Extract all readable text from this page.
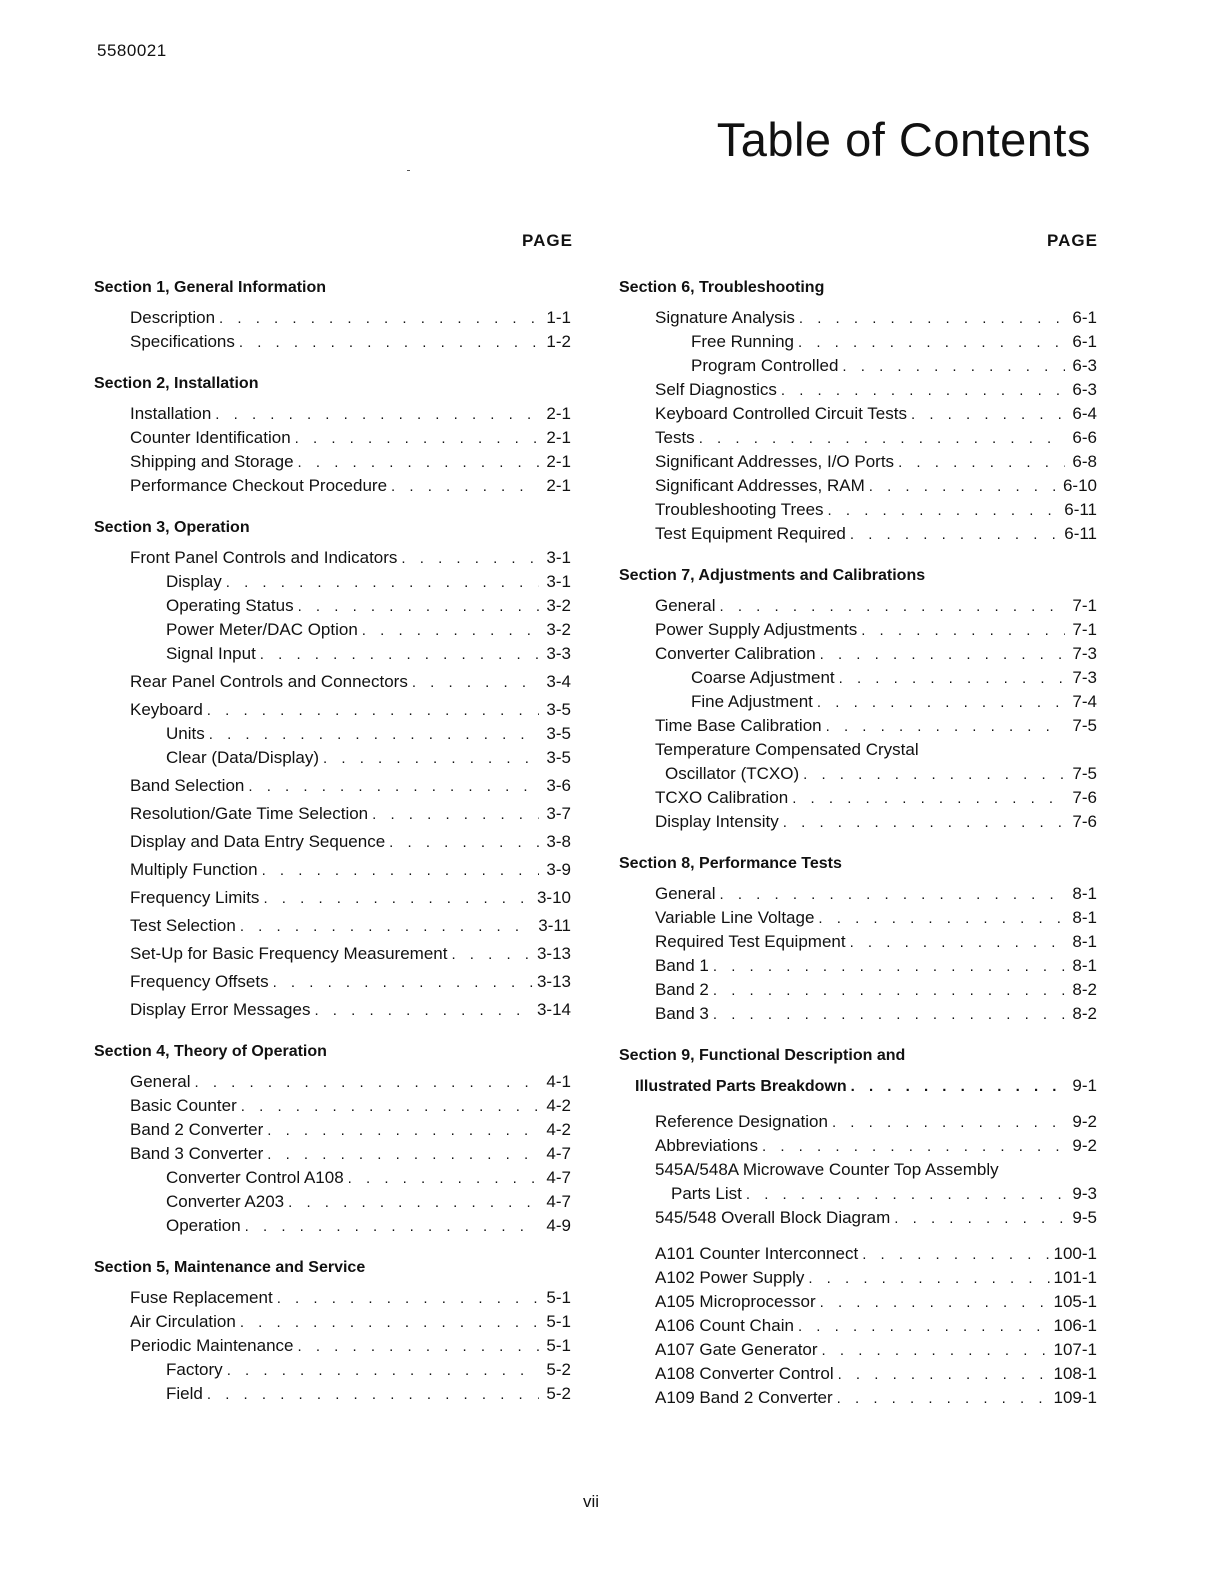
5580021
Table of Contents
PAGE	PAGE
Section 1, General Information
Description . . .	1-1
Specifications . . .	1-2
Section 2, Installation
Installation . . .	2-1
Counter Identification . . .	2-1
Shipping and Storage . . .	2-1
Performance Checkout Procedure . . .	2-1
Section 3, Operation
Front Panel Controls and Indicators . . .	3-1
Display . . .	3-1
Operating Status . . .	3-2
Power Meter/DAC Option . . .	3-2
Signal Input . . .	3-3
Rear Panel Controls and Connectors . . .	3-4
Keyboard . . .	3-5
Units . . .	3-5
Clear (Data/Display) . . .	3-5
Band Selection . . .	3-6
Resolution/Gate Time Selection . . .	3-7
Display and Data Entry Sequence . . .	3-8
Multiply Function . . .	3-9
Frequency Limits . . .	3-10
Test Selection . . .	3-11
Set-Up for Basic Frequency Measurement . . .	3-13
Frequency Offsets . . .	3-13
Display Error Messages . . .	3-14
Section 4, Theory of Operation
General . . .	4-1
Basic Counter . . .	4-2
Band 2 Converter . . .	4-2
Band 3 Converter . . .	4-7
Converter Control A108 . . .	4-7
Converter A203 . . .	4-7
Operation . . .	4-9
Section 5, Maintenance and Service
Fuse Replacement . . .	5-1
Air Circulation . . .	5-1
Periodic Maintenance . . .	5-1
Factory . . .	5-2
Field . . .	5-2
Section 6, Troubleshooting
Signature Analysis . . .	6-1
Free Running . . .	6-1
Program Controlled . . .	6-3
Self Diagnostics . . .	6-3
Keyboard Controlled Circuit Tests . . .	6-4
Tests . . .	6-6
Significant Addresses, I/O Ports . . .	6-8
Significant Addresses, RAM . . .	6-10
Troubleshooting Trees . . .	6-11
Test Equipment Required . . .	6-11
Section 7, Adjustments and Calibrations
General . . .	7-1
Power Supply Adjustments . . .	7-1
Converter Calibration . . .	7-3
Coarse Adjustment . . .	7-3
Fine Adjustment . . .	7-4
Time Base Calibration . . .	7-5
Temperature Compensated Crystal
Oscillator (TCXO) . . .	7-5
TCXO Calibration . . .	7-6
Display Intensity . . .	7-6
Section 8, Performance Tests
General . . .	8-1
Variable Line Voltage . . .	8-1
Required Test Equipment . . .	8-1
Band 1 . . .	8-1
Band 2 . . .	8-2
Band 3 . . .	8-2
Section 9, Functional Description and
Illustrated Parts Breakdown . . .	9-1
Reference Designation . . .	9-2
Abbreviations . . .	9-2
545A/548A Microwave Counter Top Assembly
Parts List . . .	9-3
545/548 Overall Block Diagram . . .	9-5
A101 Counter Interconnect . . .	100-1
A102 Power Supply . . .	101-1
A105 Microprocessor . . .	105-1
A106 Count Chain . . .	106-1
A107 Gate Generator . . .	107-1
A108 Converter Control . . .	108-1
A109 Band 2 Converter . . .	109-1
vii
